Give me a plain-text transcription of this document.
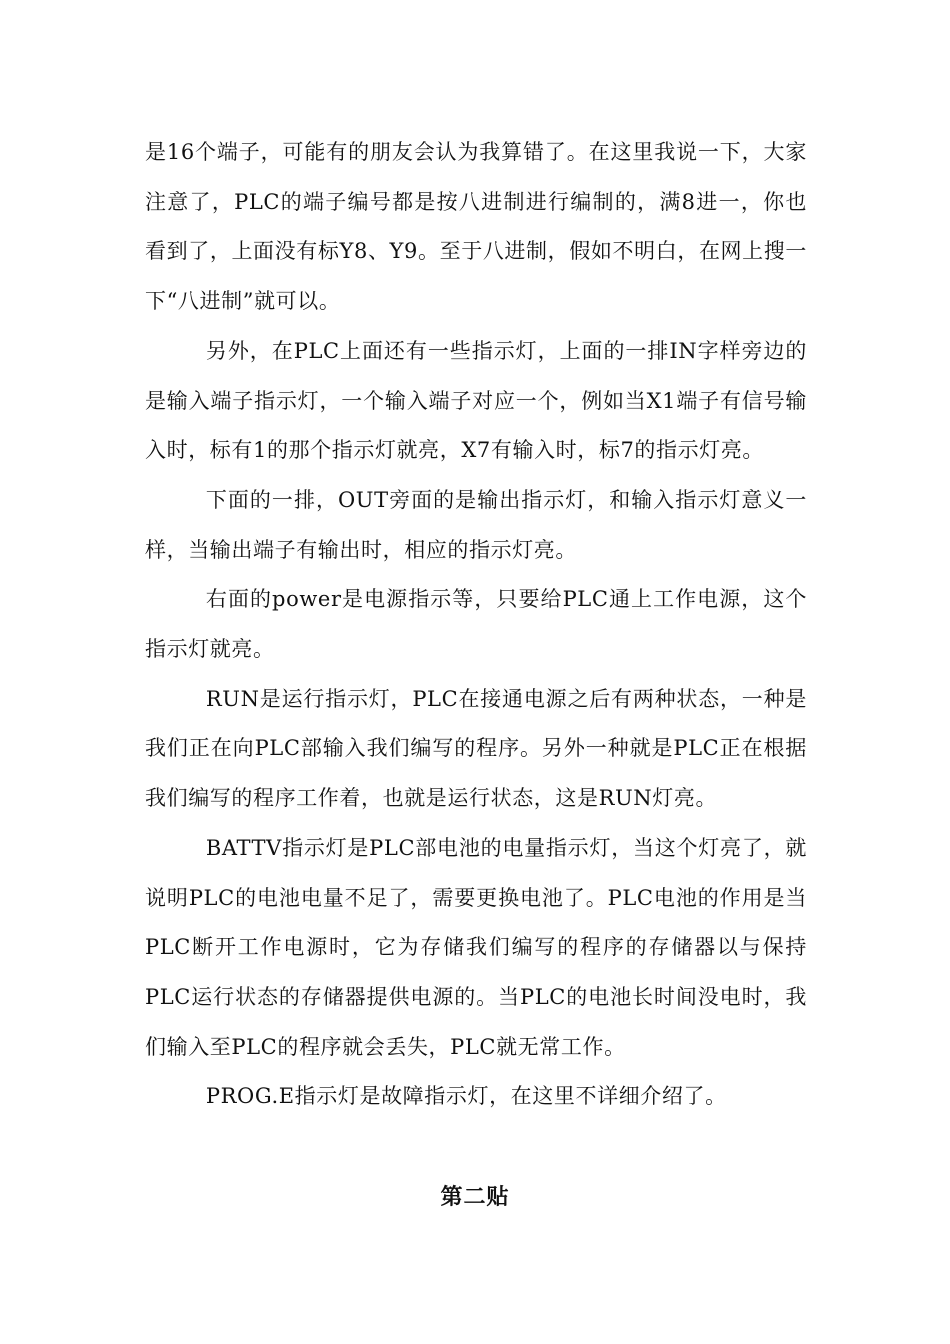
是16个端子，可能有的朋友会认为我算错了。在这里我说一下，大家注意了，PLC的端子编号都是按八进制进行编制的，满8进一，你也看到了，上面没有标Y8、Y9。至于八进制，假如不明白，在网上搜一下“八进制”就可以。

另外，在PLC上面还有一些指示灯，上面的一排IN字样旁边的是输入端子指示灯，一个输入端子对应一个，例如当X1端子有信号输入时，标有1的那个指示灯就亮，X7有输入时，标7的指示灯亮。

下面的一排，OUT旁面的是输出指示灯，和输入指示灯意义一样，当输出端子有输出时，相应的指示灯亮。

右面的power是电源指示等，只要给PLC通上工作电源，这个指示灯就亮。

RUN是运行指示灯，PLC在接通电源之后有两种状态，一种是我们正在向PLC部输入我们编写的程序。另外一种就是PLC正在根据我们编写的程序工作着，也就是运行状态，这是RUN灯亮。

BATTV指示灯是PLC部电池的电量指示灯，当这个灯亮了，就说明PLC的电池电量不足了，需要更换电池了。PLC电池的作用是当PLC断开工作电源时，它为存储我们编写的程序的存储器以与保持PLC运行状态的存储器提供电源的。当PLC的电池长时间没电时，我们输入至PLC的程序就会丢失，PLC就无常工作。

PROG.E指示灯是故障指示灯，在这里不详细介绍了。

第二贴
